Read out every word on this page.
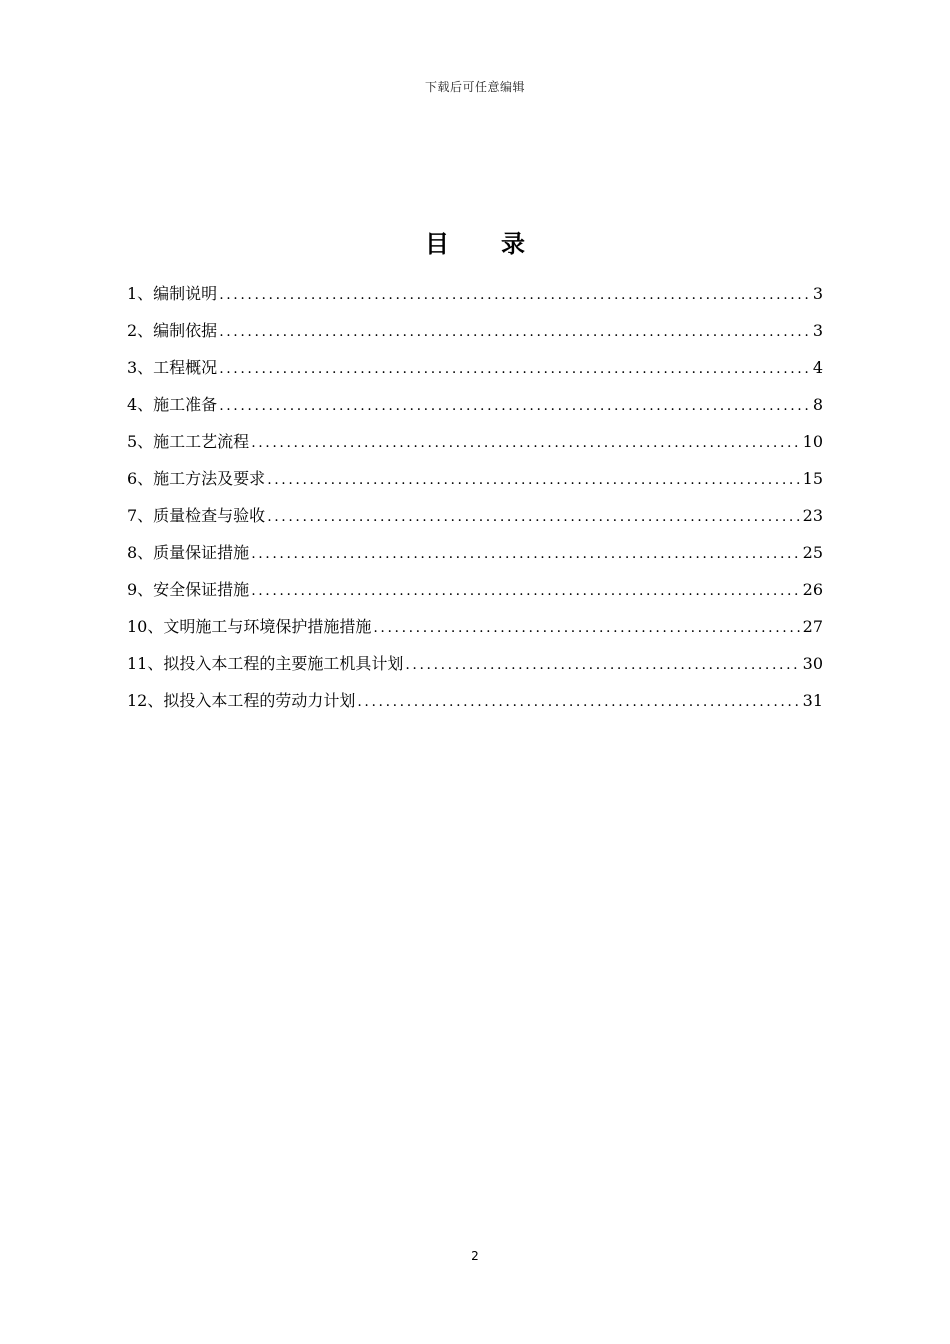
下载后可任意编辑
目 录
1、编制说明 .....	3
2、编制依据 .....	3
3、工程概况 .....	4
4、施工准备 .....	8
5、施工工艺流程 .....	10
6、施工方法及要求 .....	15
7、质量检查与验收 .....	23
8、质量保证措施 .....	25
9、安全保证措施 .....	26
10、文明施工与环境保护措施措施 .....	27
11、拟投入本工程的主要施工机具计划 .....	30
12、拟投入本工程的劳动力计划 .....	31
2
